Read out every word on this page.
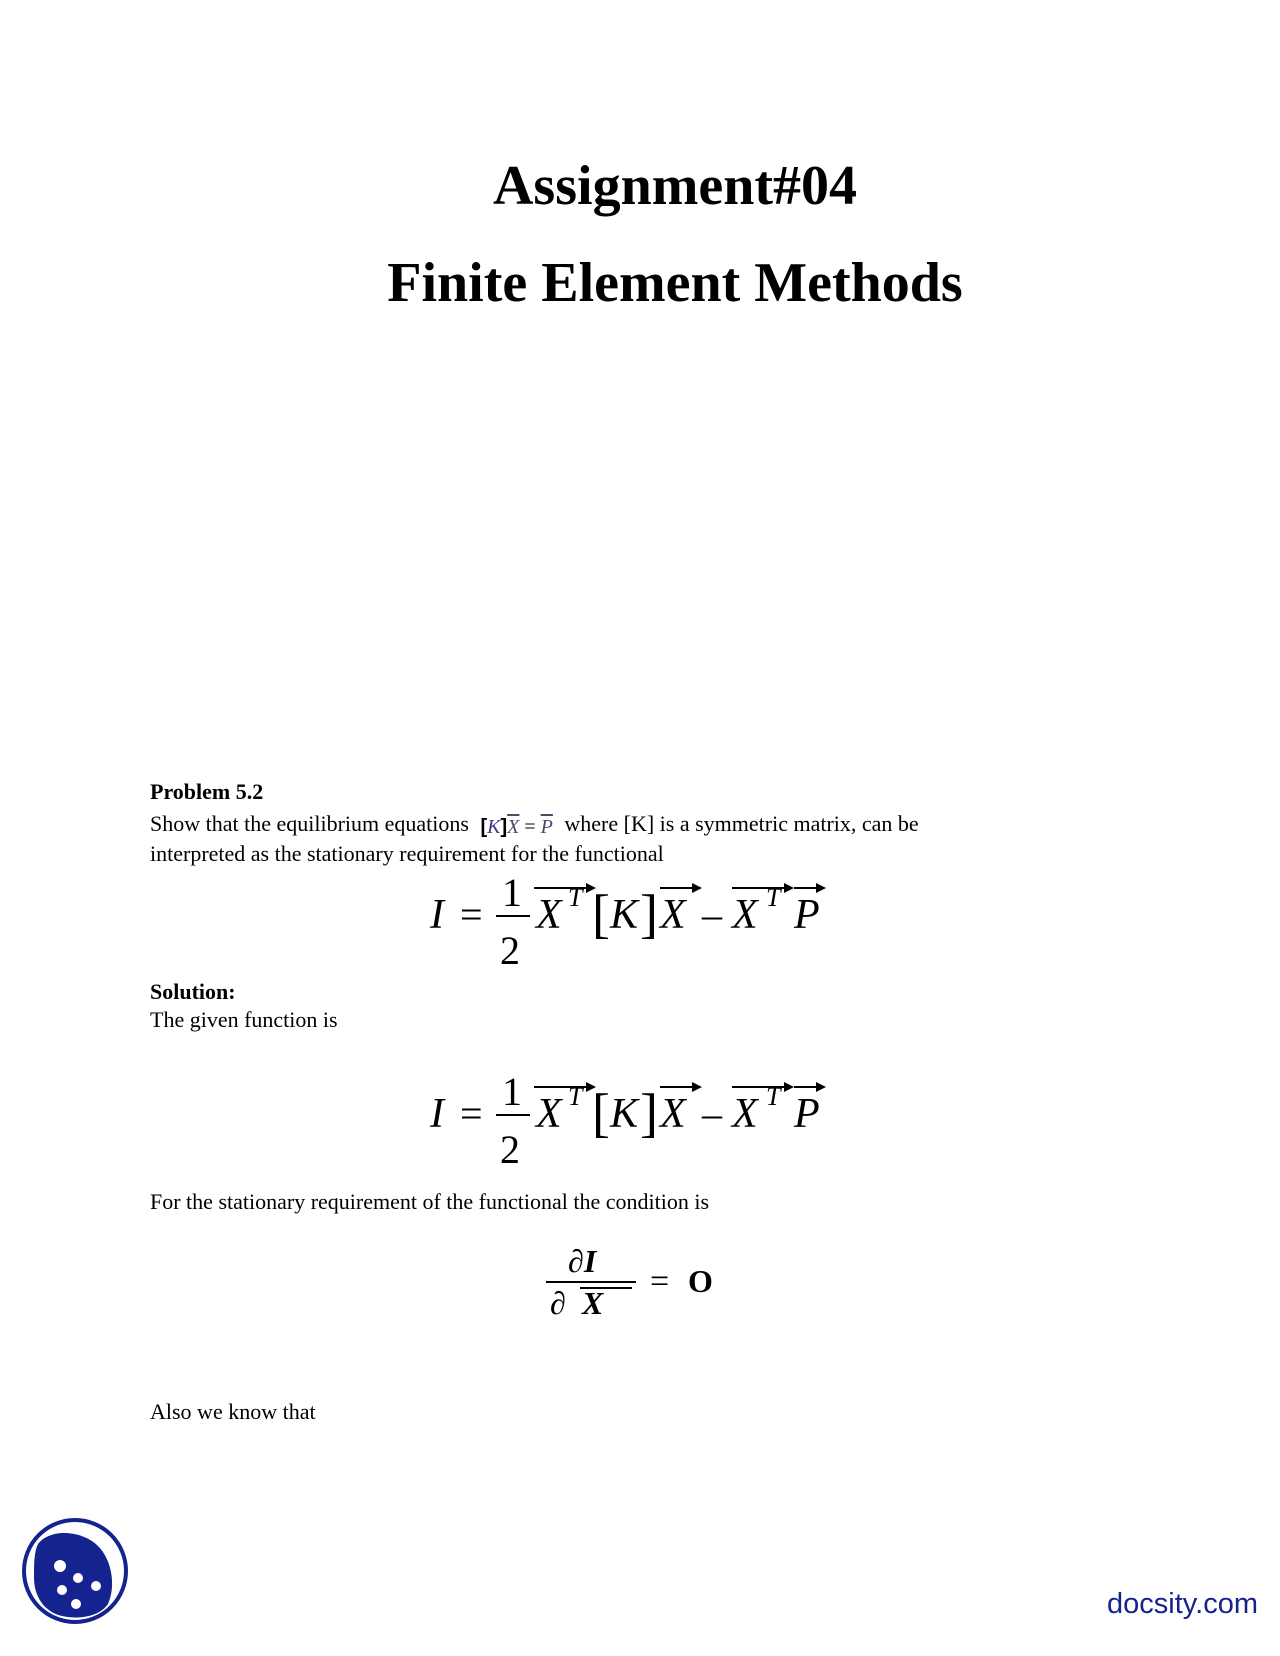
Assignment#04
Finite Element Methods
Problem 5.2
Show that the equilibrium equations $[K]\overline{X} = \overline{P}$ where [K] is a symmetric matrix, can be
interpreted as the stationary requirement for the functional
I = 1
2
X T [ K ] X – X T P
Solution:
The given function is
I = 1
2
X T [ K ] X – X T P
For the stationary requirement of the functional the condition is
∂I
∂ X
= O
Also we know that
docsity.com
